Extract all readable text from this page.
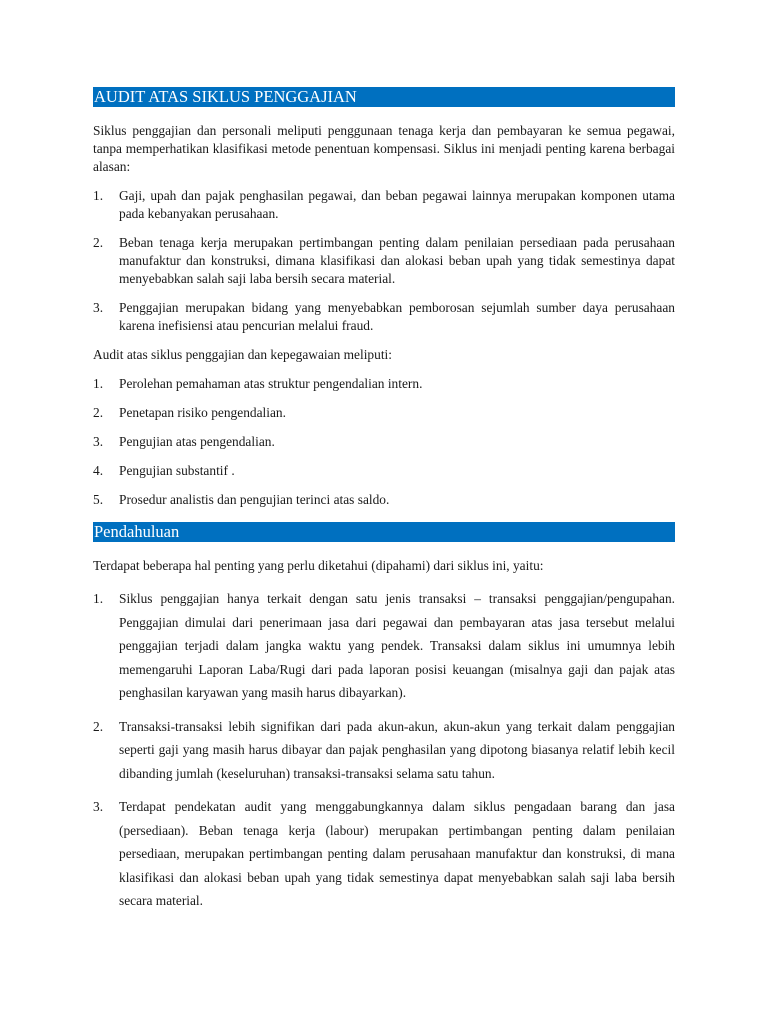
AUDIT ATAS SIKLUS PENGGAJIAN

Siklus penggajian dan personali meliputi penggunaan tenaga kerja dan pembayaran ke semua pegawai, tanpa memperhatikan klasifikasi metode penentuan kompensasi. Siklus ini menjadi penting karena berbagai alasan:

1.	Gaji, upah dan pajak penghasilan pegawai, dan beban pegawai lainnya merupakan komponen utama pada kebanyakan perusahaan.
2.	Beban tenaga kerja merupakan pertimbangan penting dalam penilaian persediaan pada perusahaan manufaktur dan konstruksi, dimana klasifikasi dan alokasi beban upah yang tidak semestinya dapat menyebabkan salah saji laba bersih secara material.
3.	Penggajian merupakan bidang yang menyebabkan pemborosan sejumlah sumber daya perusahaan karena inefisiensi atau pencurian melalui fraud.

Audit atas siklus penggajian dan kepegawaian meliputi:

1.	Perolehan pemahaman atas struktur pengendalian intern.
2.	Penetapan risiko pengendalian.
3.	Pengujian atas pengendalian.
4.	Pengujian substantif .
5.	Prosedur analistis dan pengujian terinci atas saldo.
Pendahuluan

Terdapat beberapa hal penting yang perlu diketahui (dipahami) dari siklus ini, yaitu:

1.	Siklus penggajian hanya terkait dengan satu jenis transaksi – transaksi penggajian/pengupahan. Penggajian dimulai dari penerimaan jasa dari pegawai dan pembayaran atas jasa tersebut melalui penggajian terjadi dalam jangka waktu yang pendek. Transaksi dalam siklus ini umumnya lebih memengaruhi Laporan Laba/Rugi dari pada laporan posisi keuangan (misalnya gaji dan pajak atas penghasilan karyawan yang masih harus dibayarkan).
2.	Transaksi-transaksi lebih signifikan dari pada akun-akun, akun-akun yang terkait dalam penggajian seperti gaji yang masih harus dibayar dan pajak penghasilan yang dipotong biasanya relatif lebih kecil dibanding jumlah (keseluruhan) transaksi-transaksi selama satu tahun.
3.	Terdapat pendekatan audit yang menggabungkannya dalam siklus pengadaan barang dan jasa (persediaan). Beban tenaga kerja (labour) merupakan pertimbangan penting dalam penilaian persediaan, merupakan pertimbangan penting dalam perusahaan manufaktur dan konstruksi, di mana klasifikasi dan alokasi beban upah yang tidak semestinya dapat menyebabkan salah saji laba bersih secara material.
